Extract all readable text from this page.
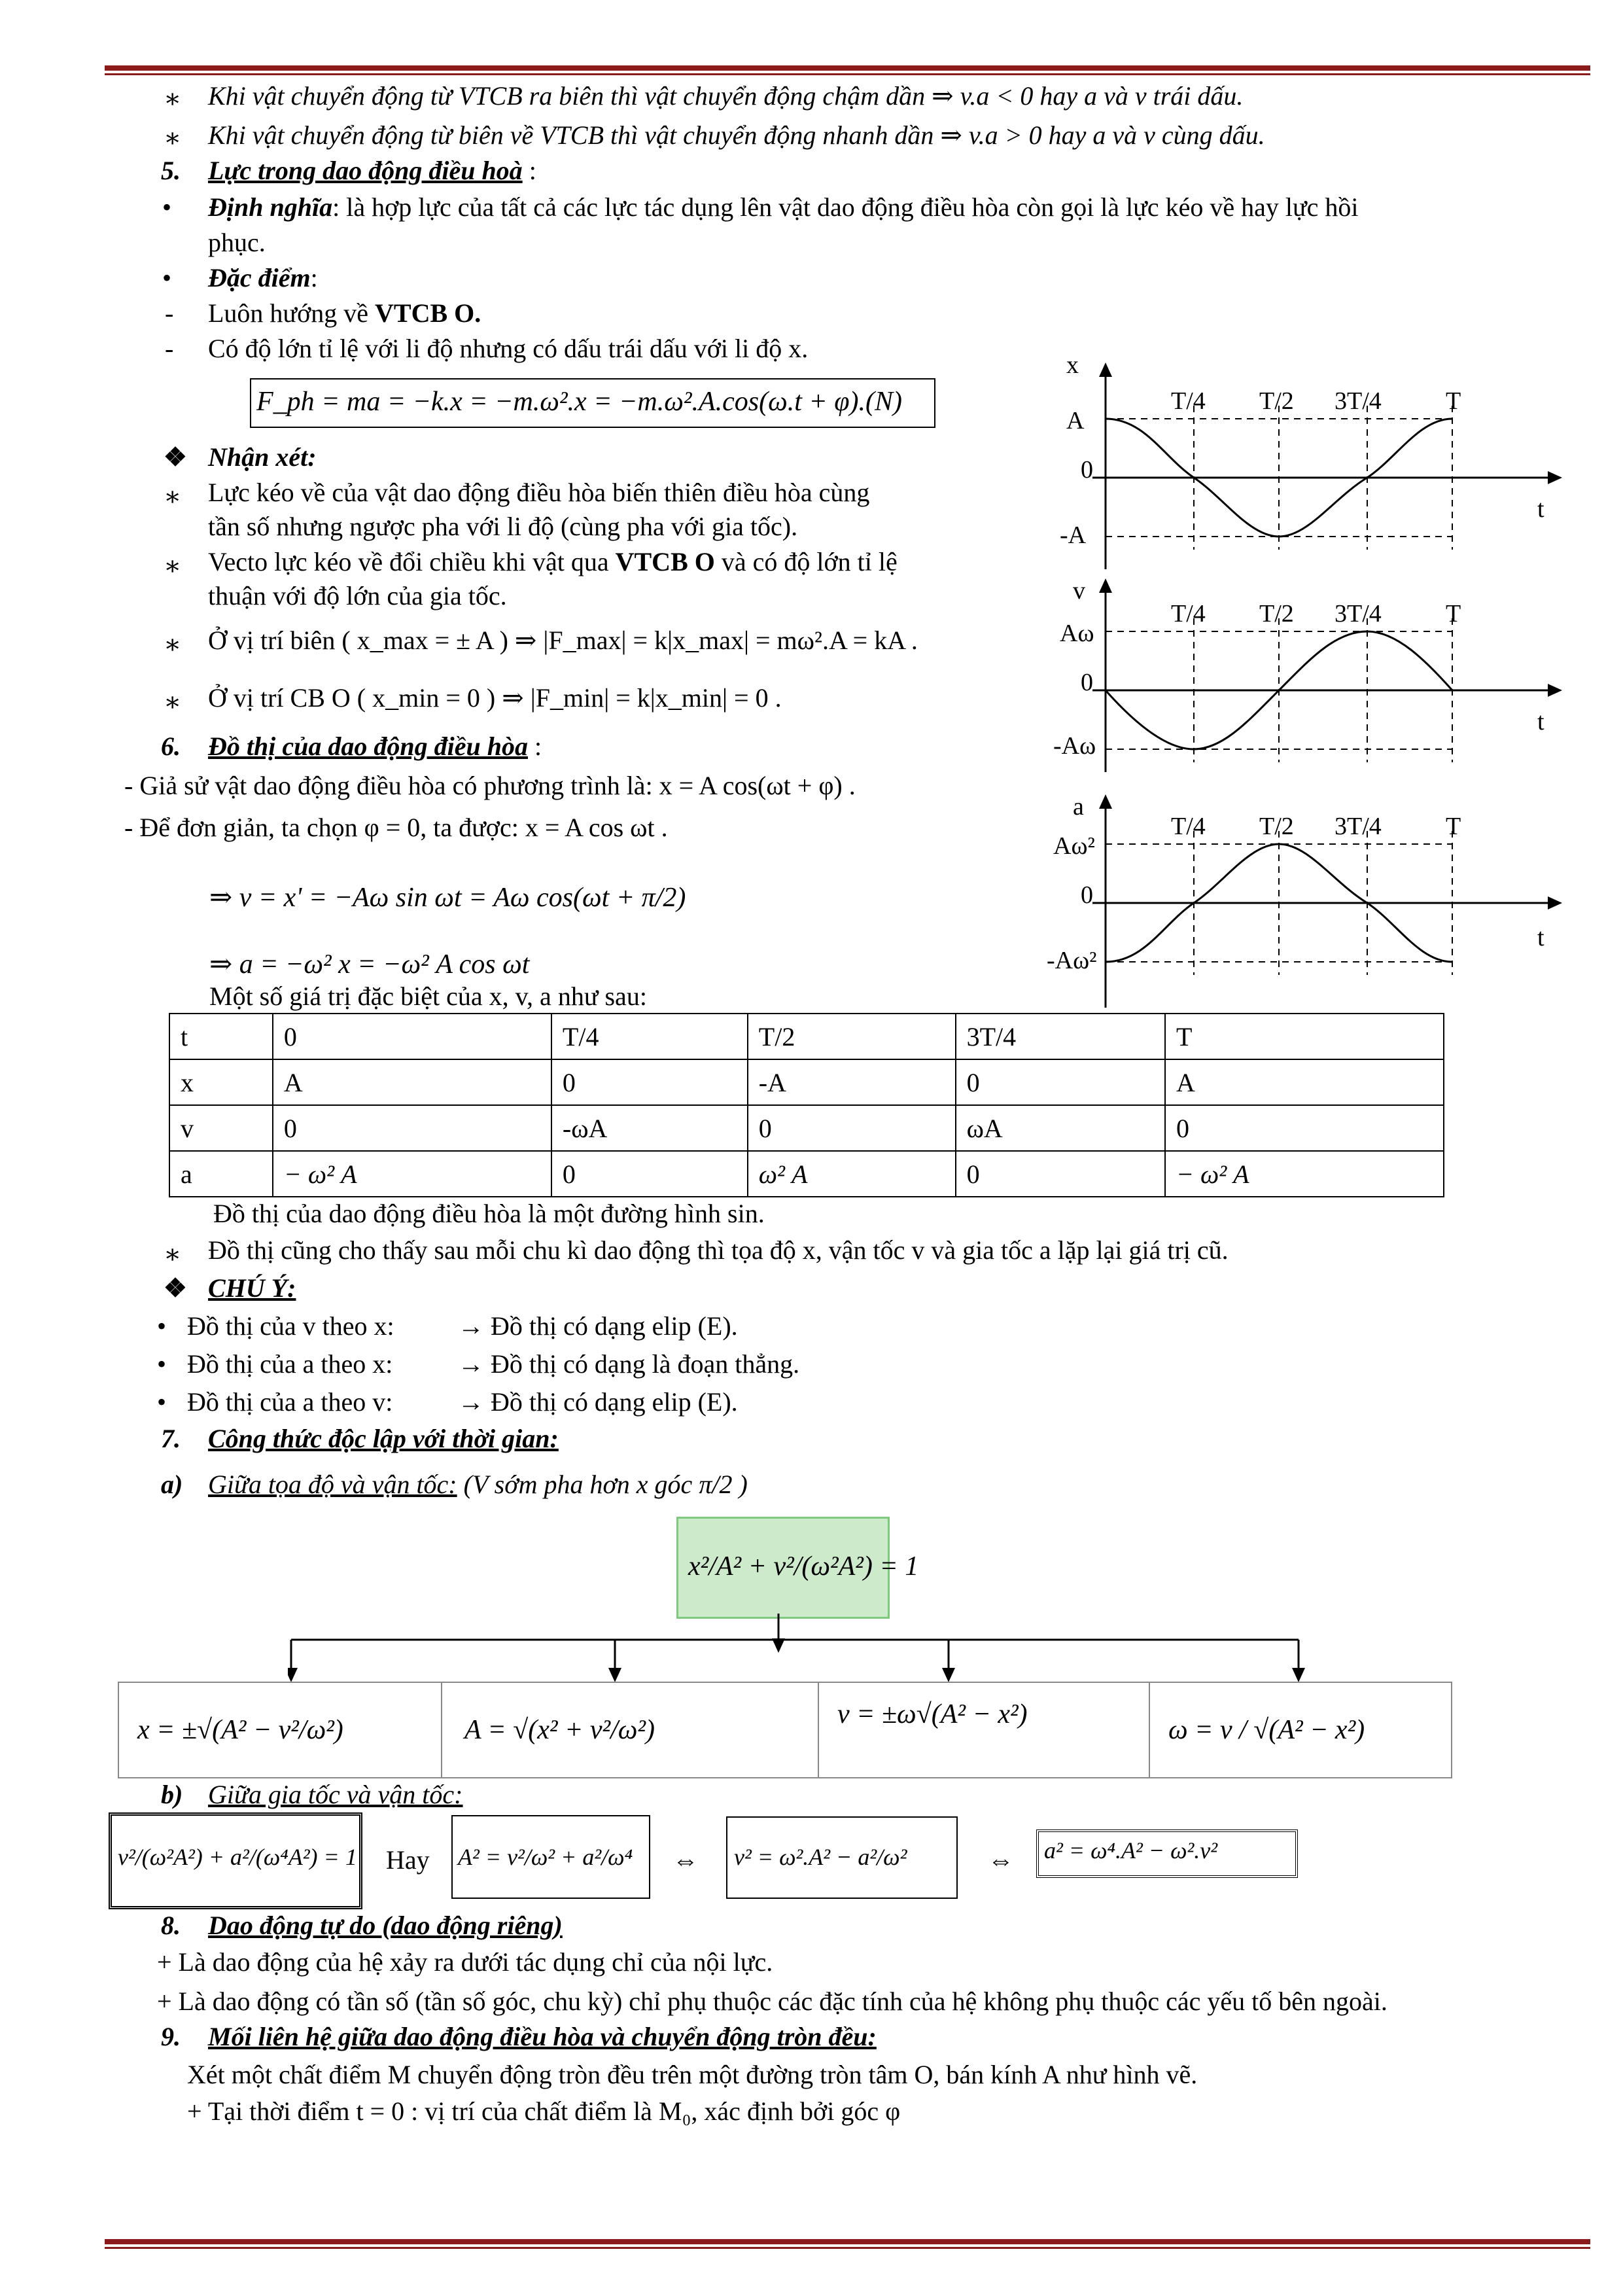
∗ Khi vật chuyển động từ VTCB ra biên thì vật chuyển động chậm dần ⇒ v.a < 0 hay a và v trái dấu.
∗ Khi vật chuyển động từ biên về VTCB thì vật chuyển động nhanh dần ⇒ v.a > 0 hay a và v cùng dấu.
5. Lực trong dao động điều hoà :
• Định nghĩa: là hợp lực của tất cả các lực tác dụng lên vật dao động điều hòa còn gọi là lực kéo về hay lực hồi
phục.
• Đặc điểm:
- Luôn hướng về VTCB O.
- Có độ lớn tỉ lệ với li độ nhưng có dấu trái dấu với li độ x.
F_ph = ma = −k.x = −m.ω².x = −m.ω².A.cos(ω.t + φ).(N)
❖ Nhận xét:
∗ Lực kéo về của vật dao động điều hòa biến thiên điều hòa cùng
tần số nhưng ngược pha với li độ (cùng pha với gia tốc).
∗ Vecto lực kéo về đổi chiều khi vật qua VTCB O và có độ lớn tỉ lệ
thuận với độ lớn của gia tốc.
∗ Ở vị trí biên ( x_max = ± A ) ⇒ |F_max| = k|x_max| = mω².A = kA .
∗ Ở vị trí CB O ( x_min = 0 ) ⇒ |F_min| = k|x_min| = 0 .
6. Đồ thị của dao động điều hòa :
- Giả sử vật dao động điều hòa có phương trình là: x = A cos(ωt + φ) .
- Để đơn giản, ta chọn φ = 0, ta được: x = A cos ωt .
⇒ v = x' = −Aω sin ωt = Aω cos(ωt + π/2)
⇒ a = −ω² x = −ω² A cos ωt
Một số giá trị đặc biệt của x, v, a như sau:
x
t
A
0
-A
T/4 T/2 3T/4	T
v
t
Aω
0
-Aω
T/4 T/2 3T/4	T
a
t
Aω²
0
-Aω²
T/4 T/2 3T/4	T
t	0	T/4	T/2	3T/4	T
x	A	0	-A	0	A
v	0	-ωA	0	ωA	0
a	− ω² A	0	ω² A	0	− ω² A
Đồ thị của dao động điều hòa là một đường hình sin.
∗ Đồ thị cũng cho thấy sau mỗi chu kì dao động thì tọa độ x, vận tốc v và gia tốc a lặp lại giá trị cũ.
❖ CHÚ Ý:
• Đồ thị của v theo x: → Đồ thị có dạng elip (E).
• Đồ thị của a theo x: → Đồ thị có dạng là đoạn thẳng.
• Đồ thị của a theo v: → Đồ thị có dạng elip (E).
7. Công thức độc lập với thời gian:
a) Giữa tọa độ và vận tốc: (V sớm pha hơn x góc π/2 )
x²/A² + v²/(ω²A²) = 1
x = ±√(A² − v²/ω²)	A = √(x² + v²/ω²)
v = ±ω√(A² − x²)
ω = v / √(A² − x²)
b) Giữa gia tốc và vận tốc:
v²/(ω²A²) + a²/(ω⁴A²) = 1 Hay A² = v²/ω² + a²/ω⁴ ⇔ v² = ω².A² − a²/ω²	⇔ a² = ω⁴.A² − ω².v²
8. Dao động tự do (dao động riêng)
+ Là dao động của hệ xảy ra dưới tác dụng chỉ của nội lực.
+ Là dao động có tần số (tần số góc, chu kỳ) chỉ phụ thuộc các đặc tính của hệ không phụ thuộc các yếu tố bên ngoài.
9. Mối liên hệ giữa dao động điều hòa và chuyển động tròn đều:
Xét một chất điểm M chuyển động tròn đều trên một đường tròn tâm O, bán kính A như hình vẽ.
+ Tại thời điểm t = 0 : vị trí của chất điểm là M₀, xác định bởi góc φ
